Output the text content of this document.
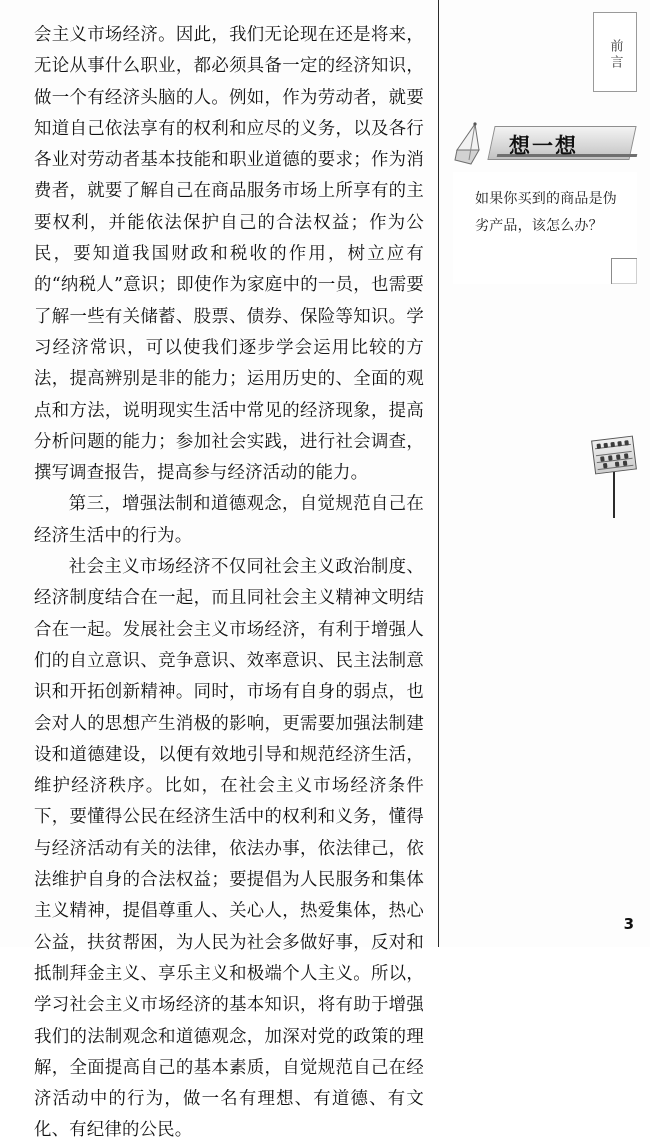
会主义市场经济。因此，我们无论现在还是将来，无论从事什么职业，都必须具备一定的经济知识，做一个有经济头脑的人。例如，作为劳动者，就要知道自己依法享有的权利和应尽的义务，以及各行各业对劳动者基本技能和职业道德的要求；作为消费者，就要了解自己在商品服务市场上所享有的主要权利，并能依法保护自己的合法权益；作为公民，要知道我国财政和税收的作用，树立应有的“纳税人”意识；即使作为家庭中的一员，也需要了解一些有关储蓄、股票、债券、保险等知识。学习经济常识，可以使我们逐步学会运用比较的方法，提高辨别是非的能力；运用历史的、全面的观点和方法，说明现实生活中常见的经济现象，提高分析问题的能力；参加社会实践，进行社会调查，撰写调查报告，提高参与经济活动的能力。

第三，增强法制和道德观念，自觉规范自己在经济生活中的行为。

社会主义市场经济不仅同社会主义政治制度、经济制度结合在一起，而且同社会主义精神文明结合在一起。发展社会主义市场经济，有利于增强人们的自立意识、竞争意识、效率意识、民主法制意识和开拓创新精神。同时，市场有自身的弱点，也会对人的思想产生消极的影响，更需要加强法制建设和道德建设，以便有效地引导和规范经济生活，维护经济秩序。比如，在社会主义市场经济条件下，要懂得公民在经济生活中的权利和义务，懂得与经济活动有关的法律，依法办事，依法律己，依法维护自身的合法权益；要提倡为人民服务和集体主义精神，提倡尊重人、关心人，热爱集体，热心公益，扶贫帮困，为人民为社会多做好事，反对和抵制拜金主义、享乐主义和极端个人主义。所以，学习社会主义市场经济的基本知识，将有助于增强我们的法制观念和道德观念，加深对党的政策的理解，全面提高自己的基本素质，自觉规范自己在经济活动中的行为，做一名有理想、有道德、有文化、有纪律的公民。

前言
想一想
如果你买到的商品是伪劣产品，该怎么办？
3
